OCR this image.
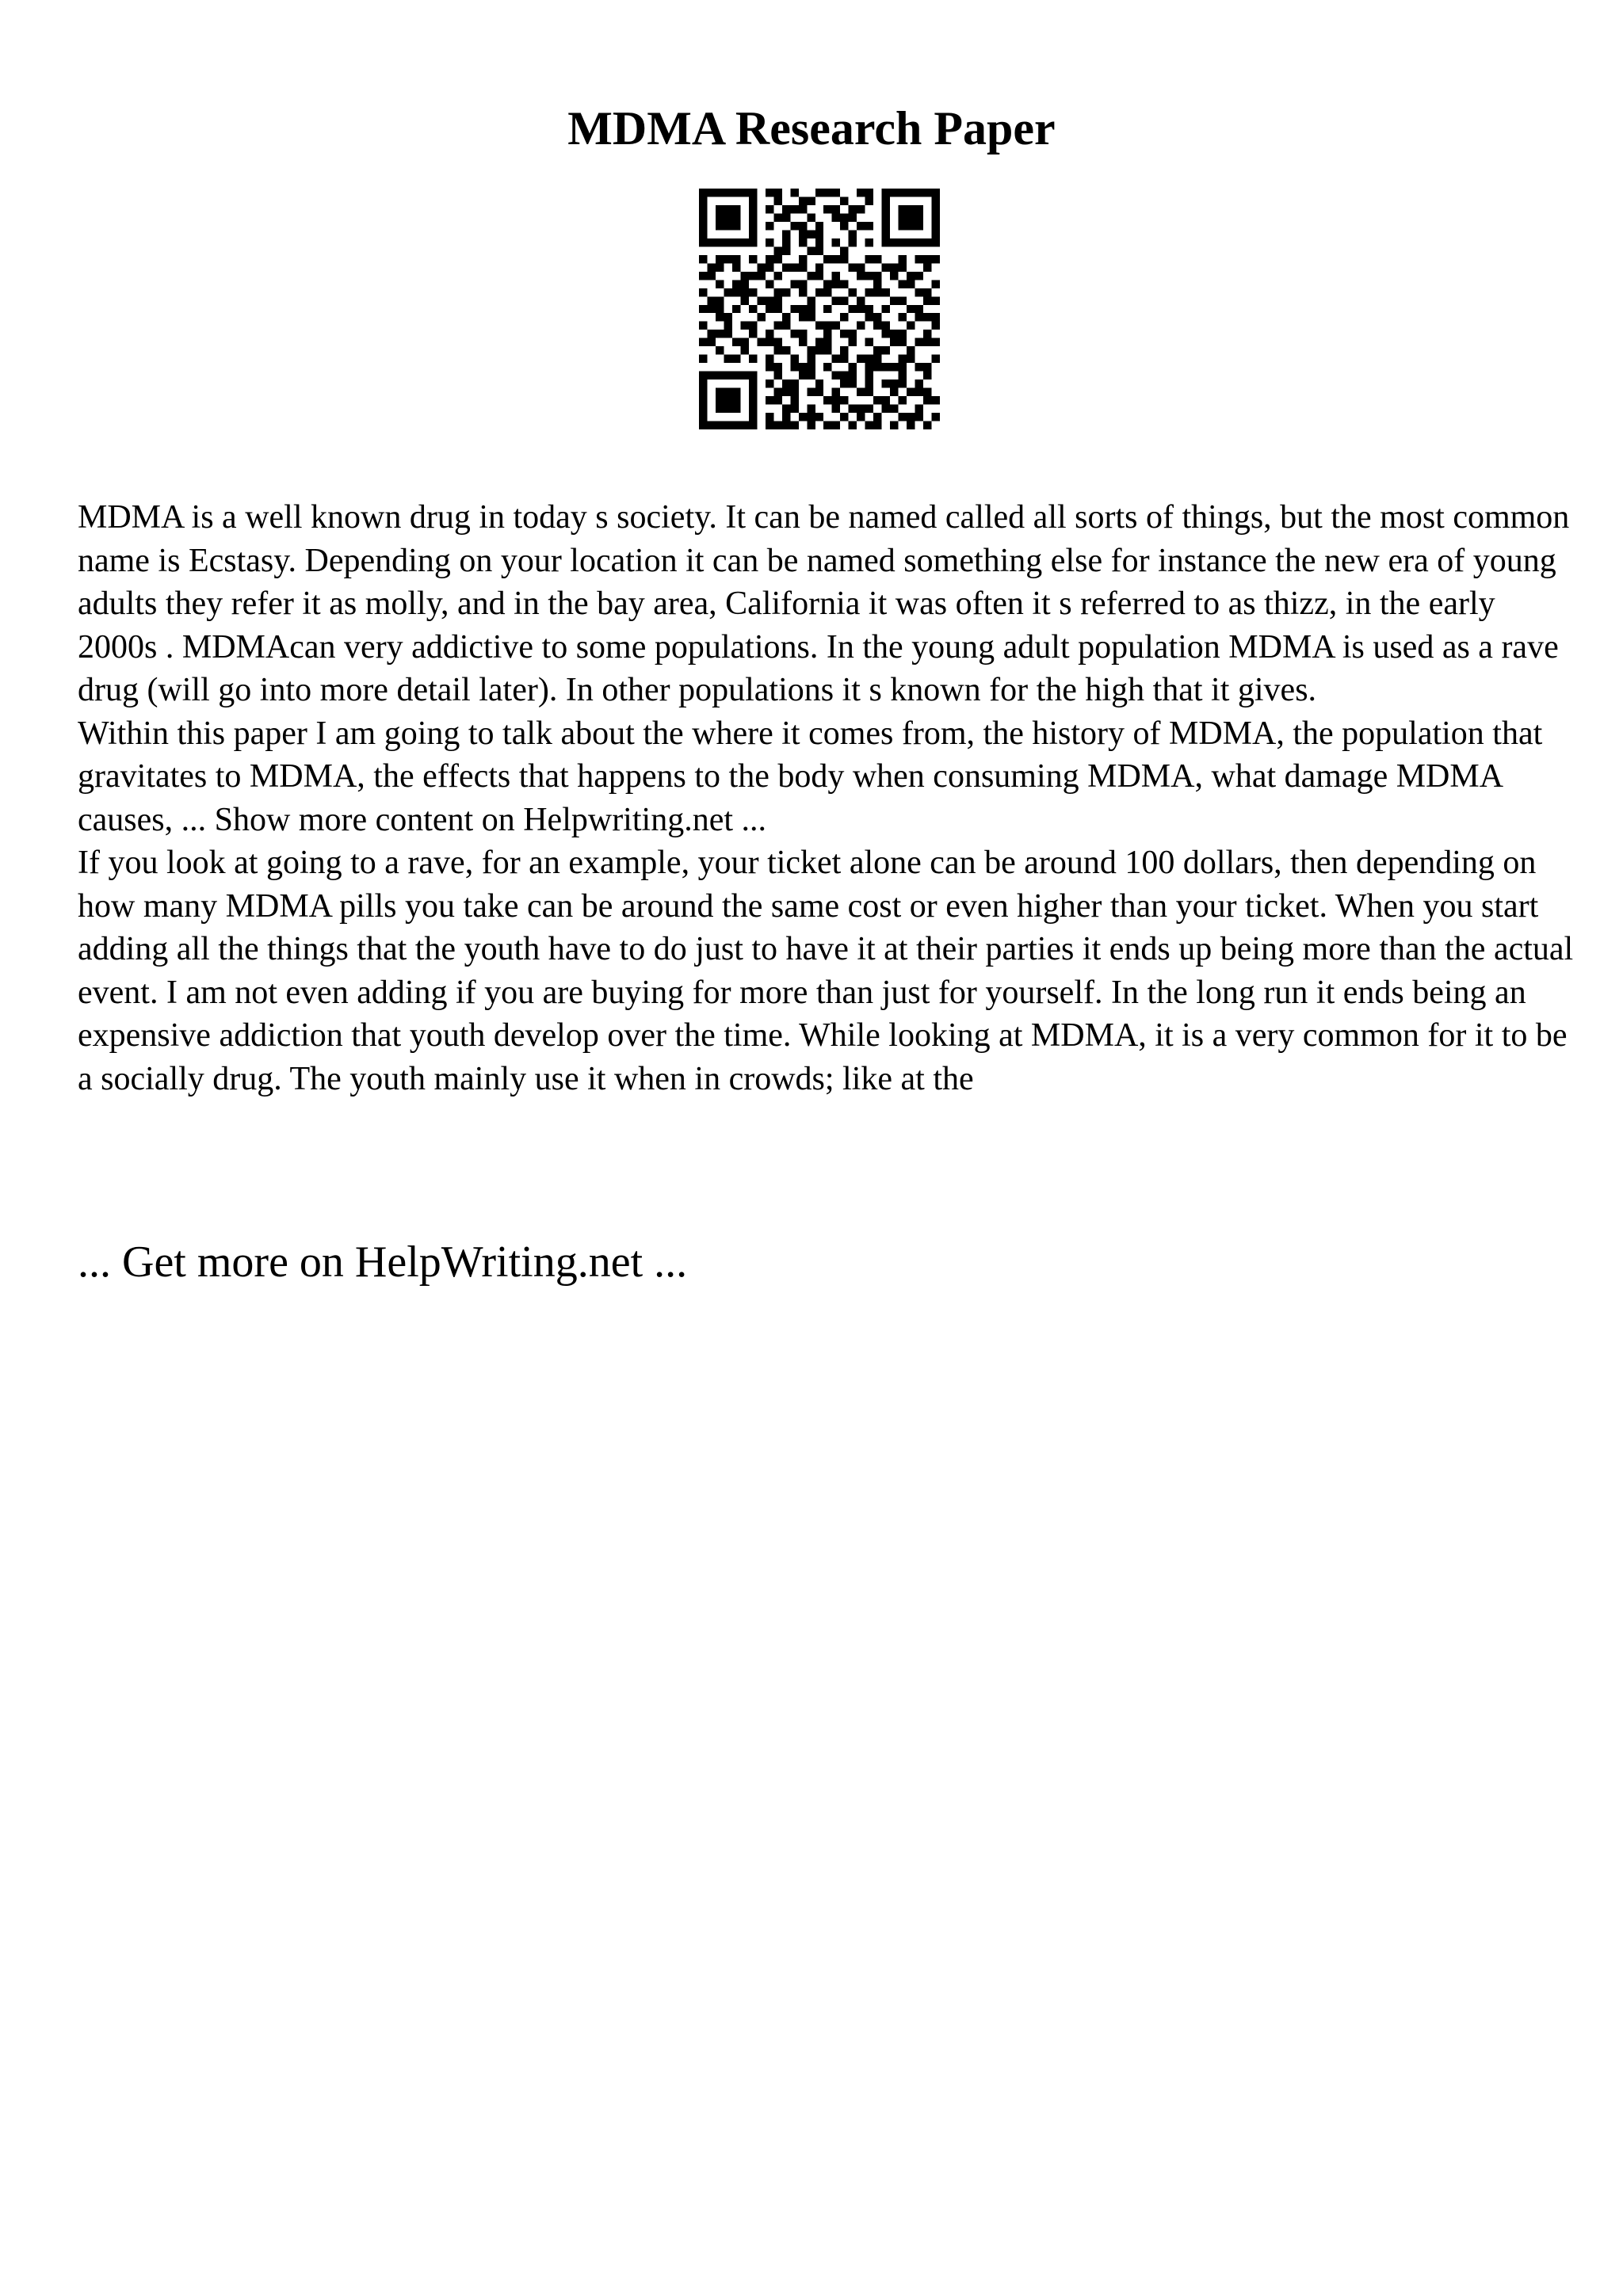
MDMA Research Paper

MDMA is a well known drug in today s society. It can be named called all sorts of things, but the most common name is Ecstasy. Depending on your location it can be named something else for instance the new era of young adults they refer it as molly, and in the bay area, California it was often it s referred to as thizz, in the early 2000s . MDMAcan very addictive to some populations. In the young adult population MDMA is used as a rave drug (will go into more detail later). In other populations it s known for the high that it gives.

Within this paper I am going to talk about the where it comes from, the history of MDMA, the population that gravitates to MDMA, the effects that happens to the body when consuming MDMA, what damage MDMA causes, ... Show more content on Helpwriting.net ...

If you look at going to a rave, for an example, your ticket alone can be around 100 dollars, then depending on how many MDMA pills you take can be around the same cost or even higher than your ticket. When you start adding all the things that the youth have to do just to have it at their parties it ends up being more than the actual event. I am not even adding if you are buying for more than just for yourself. In the long run it ends being an expensive addiction that youth develop over the time. While looking at MDMA, it is a very common for it to be a socially drug. The youth mainly use it when in crowds; like at the

... Get more on HelpWriting.net ...
